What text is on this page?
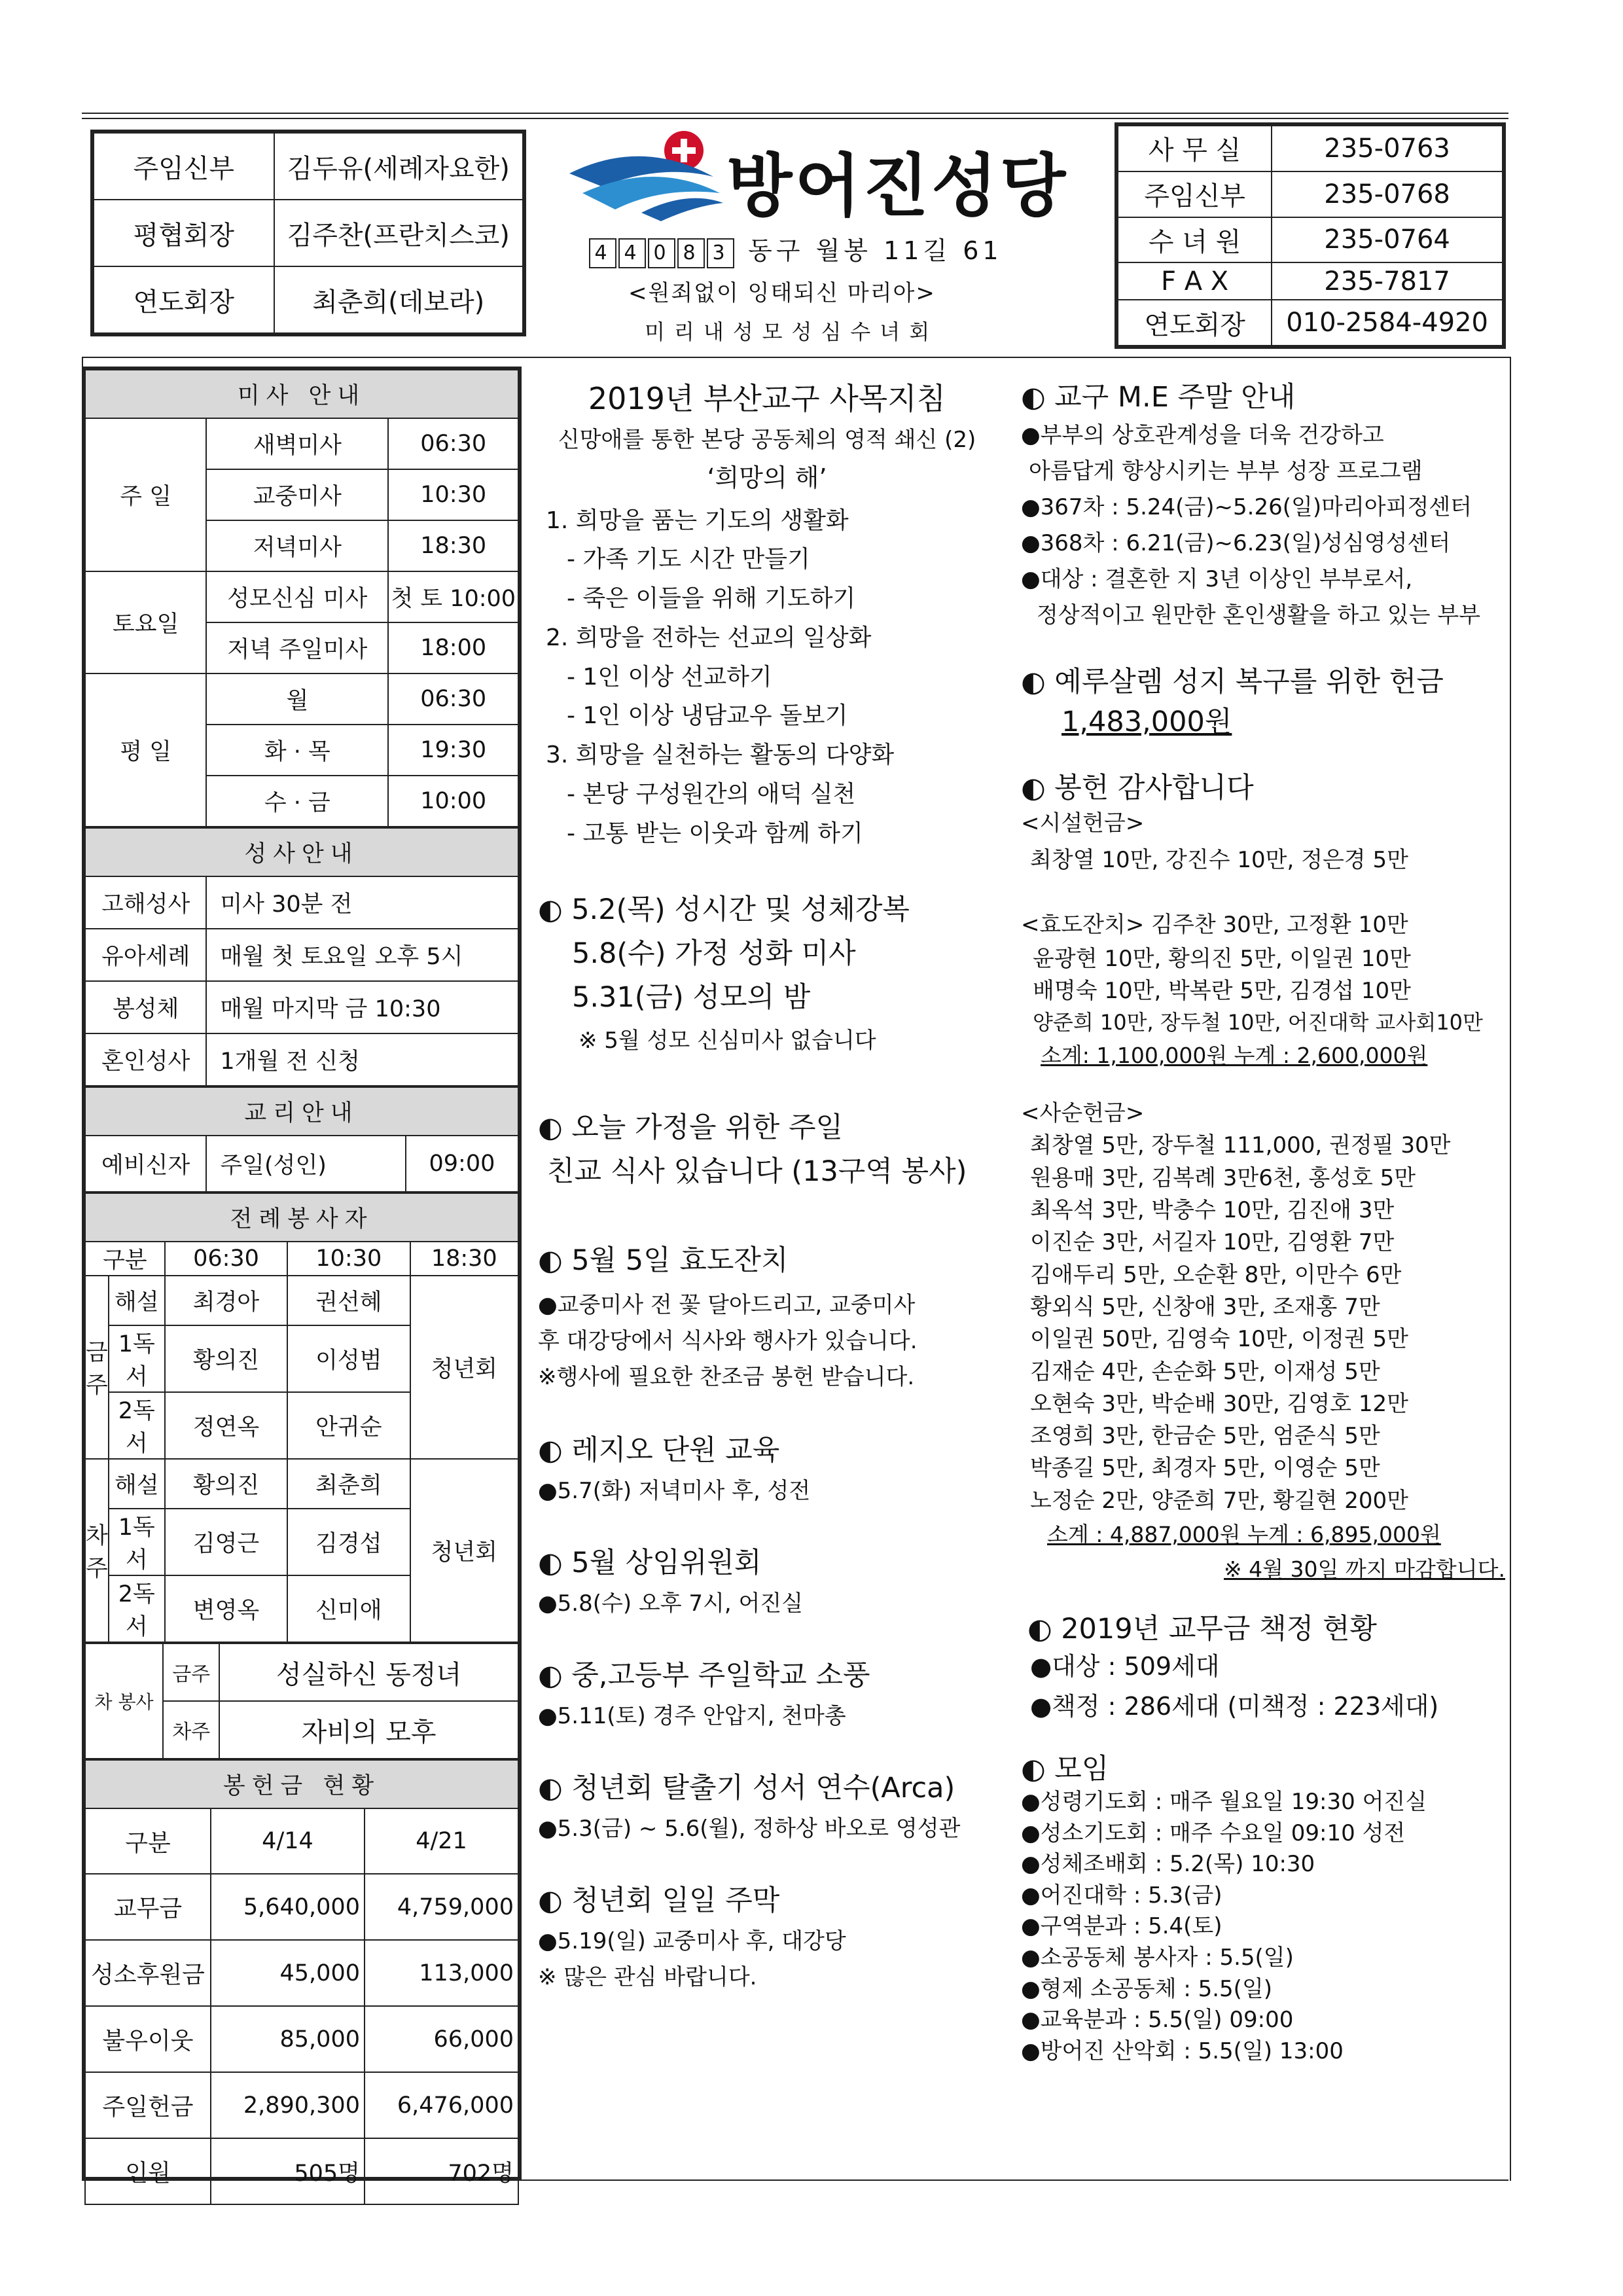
주임신부	김두유(세례자요한)
평협회장	김주찬(프란치스코)
연도회장	최춘희(데보라)
방어진성당
4 4 0 8 3 동구 월봉 11길 61
<원죄없이 잉태되신 마리아>
미리내성모성심수녀회
사 무 실	235-0763
주임신부	235-0768
수 녀 원	235-0764
F A X	235-7817
연도회장	010-2584-4920
미사 안내		
주 일	새벽미사	06:30
	교중미사	10:30
	저녁미사	18:30
토요일	성모신심 미사	첫 토 10:00
	저녁 주일미사	18:00
평 일	월	06:30
	화 · 목	19:30
	수 · 금	10:00
성사안내	
고해성사	미사 30분 전
유아세례	매월 첫 토요일 오후 5시
봉성체	매월 마지막 금 10:30
혼인성사	1개월 전 신청
교리안내
예비신자	주일(성인)	09:00
전례봉사자				
구분		06:30	10:30	18:30
금 주	해설	최경아	권선혜	청년회
	1독서	황의진	이성범	
	2독서	정연옥	안귀순	
차 주	해설	황의진	최춘희	청년회
	1독서	김영근	김경섭	
	2독서	변영옥	신미애	
차 봉사	금주	성실하신 동정녀
	차주	자비의 모후
봉헌금 현황		
구분	4/14	4/21
교무금	5,640,000	4,759,000
성소후원금	45,000	113,000
불우이웃	85,000	66,000
주일헌금	2,890,300	6,476,000
인원	505명	702명

2019년 부산교구 사목지침

신망애를 통한 본당 공동체의 영적 쇄신 (2)

‘희망의 해’

1. 희망을 품는 기도의 생활화

- 가족 기도 시간 만들기

- 죽은 이들을 위해 기도하기

2. 희망을 전하는 선교의 일상화

- 1인 이상 선교하기

- 1인 이상 냉담교우 돌보기

3. 희망을 실천하는 활동의 다양화

- 본당 구성원간의 애덕 실천

- 고통 받는 이웃과 함께 하기

◐ 5.2(목) 성시간 및 성체강복

5.8(수) 가정 성화 미사

5.31(금) 성모의 밤

※ 5월 성모 신심미사 없습니다

◐ 오늘 가정을 위한 주일

친교 식사 있습니다 (13구역 봉사)

◐ 5월 5일 효도잔치

●교중미사 전 꽃 달아드리고, 교중미사

후 대강당에서 식사와 행사가 있습니다.

※행사에 필요한 찬조금 봉헌 받습니다.

◐ 레지오 단원 교육

●5.7(화) 저녁미사 후, 성전

◐ 5월 상임위원회

●5.8(수) 오후 7시, 어진실

◐ 중,고등부 주일학교 소풍

●5.11(토) 경주 안압지, 천마총

◐ 청년회 탈출기 성서 연수(Arca)

●5.3(금) ~ 5.6(월), 정하상 바오로 영성관

◐ 청년회 일일 주막

●5.19(일) 교중미사 후, 대강당

※ 많은 관심 바랍니다.

◐ 교구 M.E 주말 안내

●부부의 상호관계성을 더욱 건강하고

아름답게 향상시키는 부부 성장 프로그램

●367차 : 5.24(금)~5.26(일)마리아피정센터

●368차 : 6.21(금)~6.23(일)성심영성센터

●대상 : 결혼한 지 3년 이상인 부부로서,

정상적이고 원만한 혼인생활을 하고 있는 부부

◐ 예루살렘 성지 복구를 위한 헌금

1,483,000원

◐ 봉헌 감사합니다

<시설헌금>

최창열 10만, 강진수 10만, 정은경 5만

<효도잔치> 김주찬 30만, 고정환 10만

윤광현 10만, 황의진 5만, 이일권 10만

배명숙 10만, 박복란 5만, 김경섭 10만

양준희 10만, 장두철 10만, 어진대학 교사회10만

소계: 1,100,000원 누계 : 2,600,000원

<사순헌금>

최창열 5만, 장두철 111,000, 권정필 30만

원용매 3만, 김복례 3만6천, 홍성호 5만

최옥석 3만, 박충수 10만, 김진애 3만

이진순 3만, 서길자 10만, 김영환 7만

김애두리 5만, 오순환 8만, 이만수 6만

황외식 5만, 신창애 3만, 조재홍 7만

이일권 50만, 김영숙 10만, 이정권 5만

김재순 4만, 손순화 5만, 이재성 5만

오현숙 3만, 박순배 30만, 김영호 12만

조영희 3만, 한금순 5만, 엄준식 5만

박종길 5만, 최경자 5만, 이영순 5만

노정순 2만, 양준희 7만, 황길현 200만

소계 : 4,887,000원 누계 : 6,895,000원

※ 4월 30일 까지 마감합니다.

◐ 2019년 교무금 책정 현황

●대상 : 509세대

●책정 : 286세대 (미책정 : 223세대)

◐ 모임

●성령기도회 : 매주 월요일 19:30 어진실

●성소기도회 : 매주 수요일 09:10 성전

●성체조배회 : 5.2(목) 10:30

●어진대학 : 5.3(금)

●구역분과 : 5.4(토)

●소공동체 봉사자 : 5.5(일)

●형제 소공동체 : 5.5(일)

●교육분과 : 5.5(일) 09:00

●방어진 산악회 : 5.5(일) 13:00
